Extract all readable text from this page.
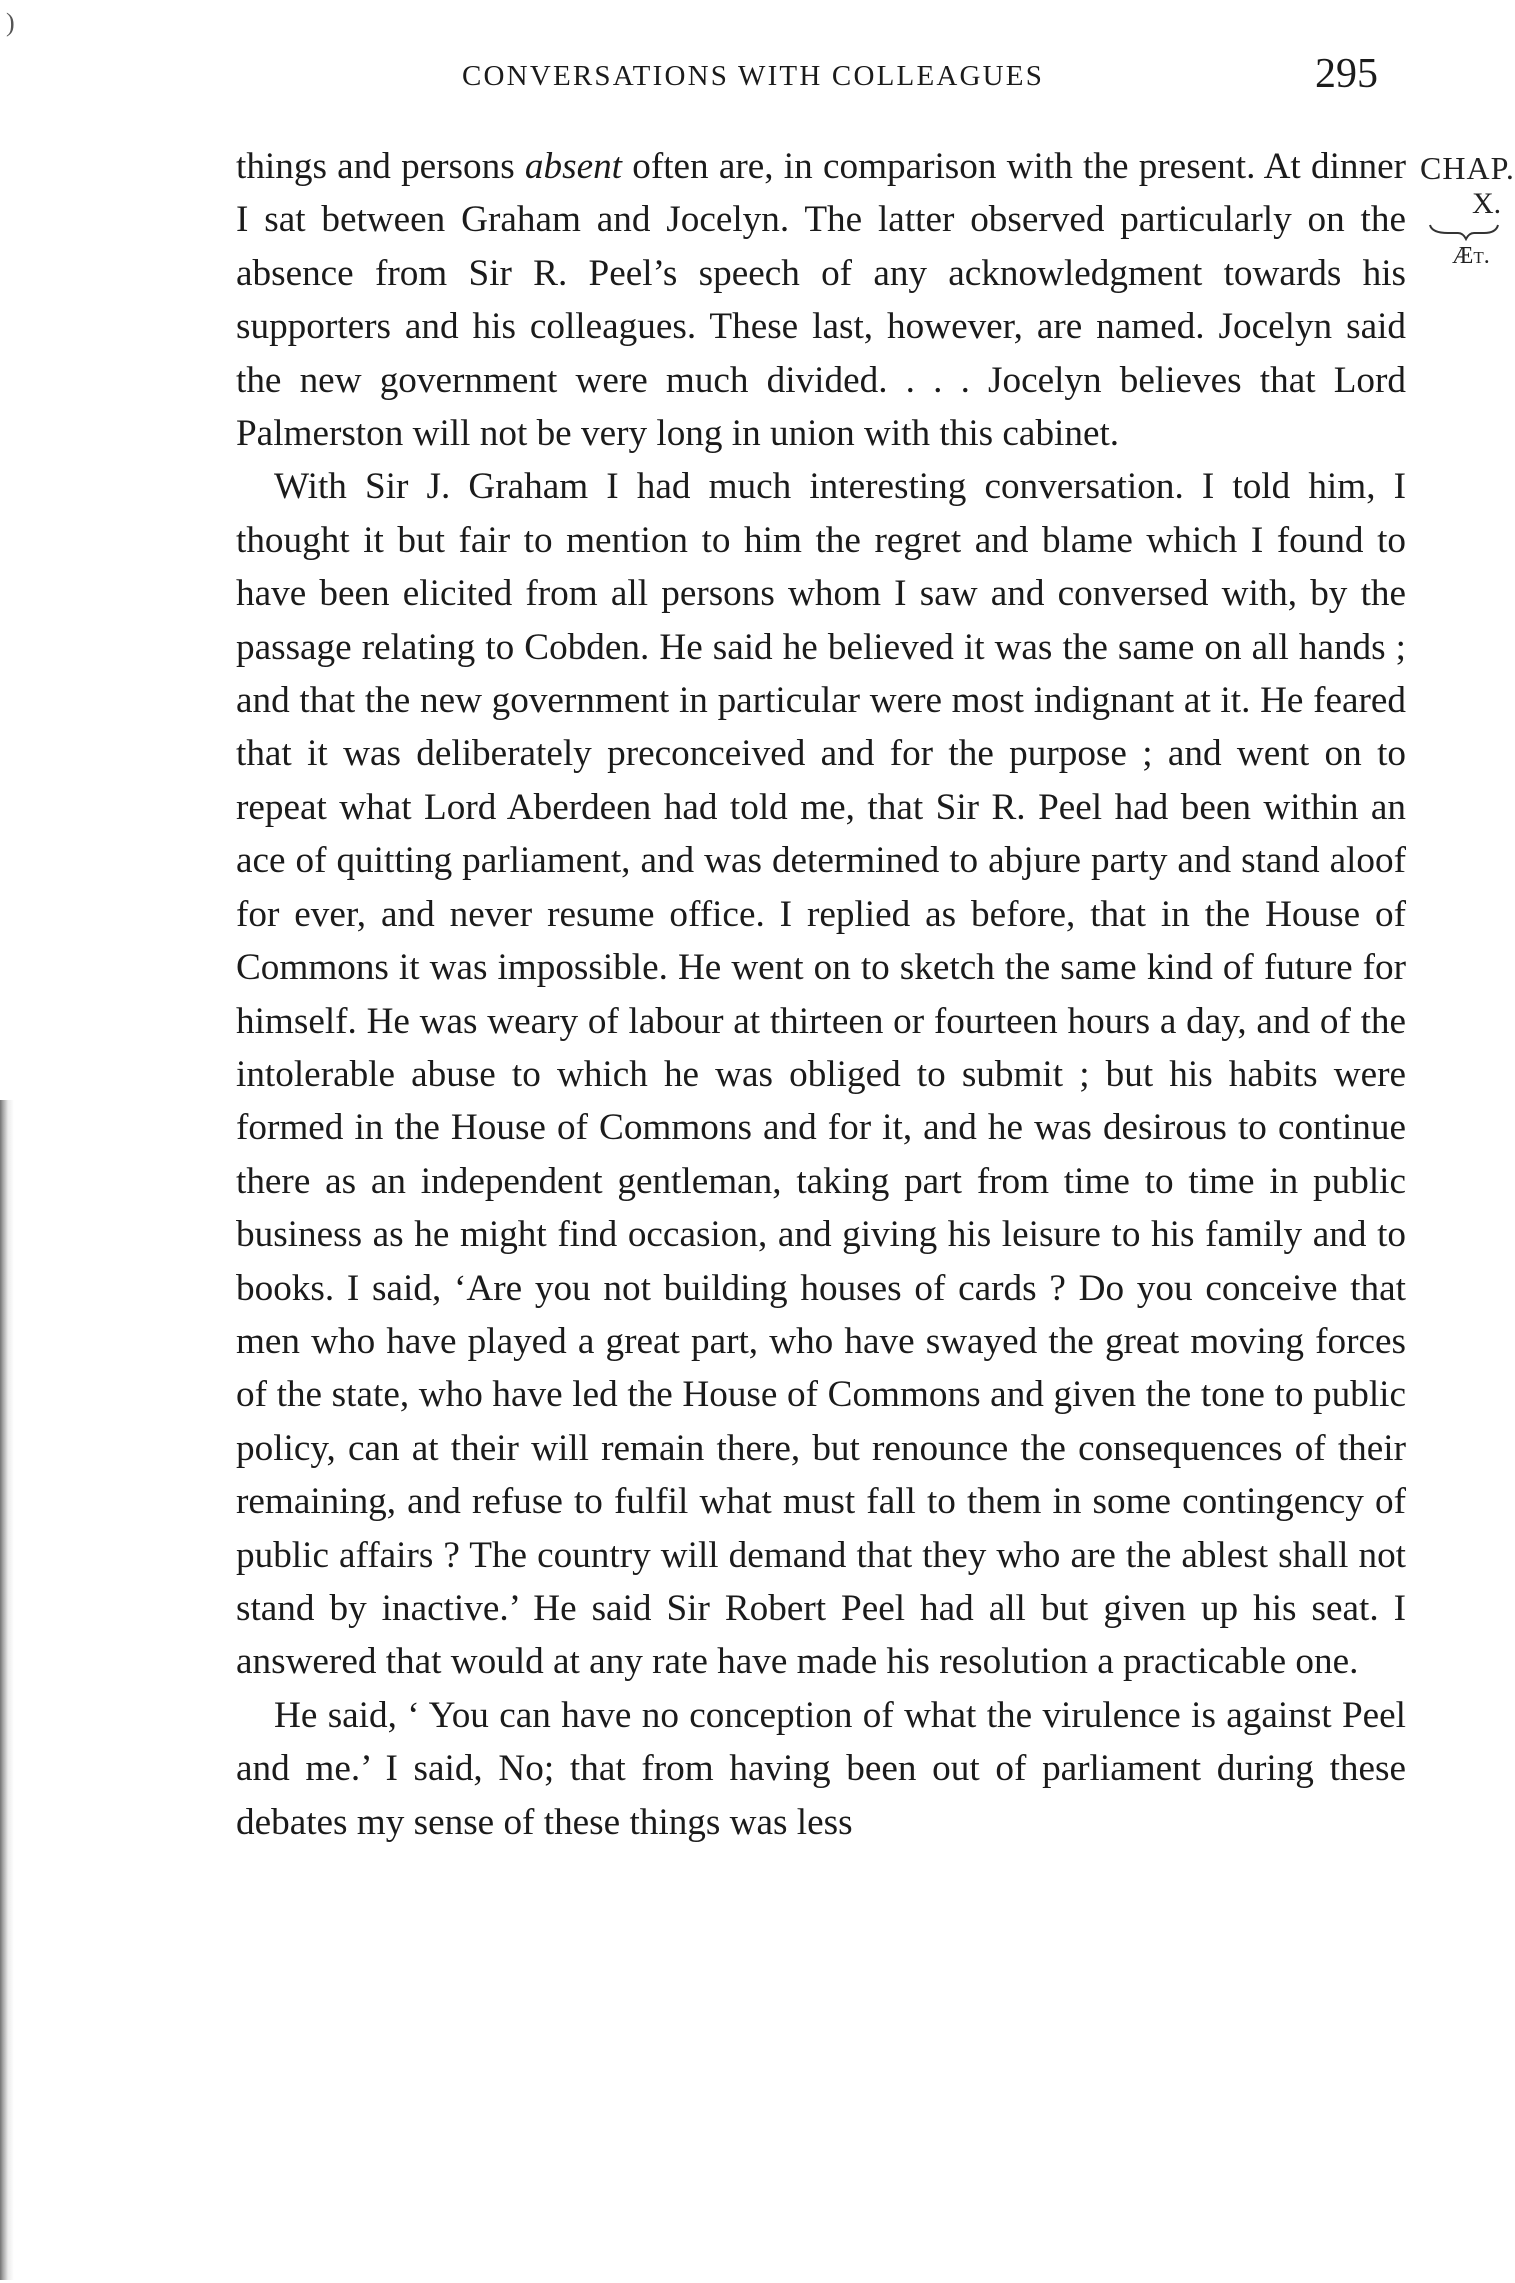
)
CONVERSATIONS WITH COLLEAGUES	295
CHAP.
X.
Æt.

things and persons absent often are, in comparison with the present. At dinner I sat between Graham and Jocelyn. The latter observed particularly on the absence from Sir R. Peel’s speech of any acknowledgment towards his supporters and his colleagues. These last, however, are named. Jocelyn said the new government were much divided. . . . Jocelyn believes that Lord Palmerston will not be very long in union with this cabinet.

With Sir J. Graham I had much interesting conversation. I told him, I thought it but fair to mention to him the regret and blame which I found to have been elicited from all persons whom I saw and conversed with, by the passage relating to Cobden. He said he believed it was the same on all hands ; and that the new government in particular were most indignant at it. He feared that it was deliberately preconceived and for the purpose ; and went on to repeat what Lord Aberdeen had told me, that Sir R. Peel had been within an ace of quitting parliament, and was determined to abjure party and stand aloof for ever, and never resume office. I replied as before, that in the House of Commons it was impossible. He went on to sketch the same kind of future for himself. He was weary of labour at thirteen or fourteen hours a day, and of the intolerable abuse to which he was obliged to submit ; but his habits were formed in the House of Commons and for it, and he was desirous to continue there as an independent gentleman, taking part from time to time in public business as he might find occasion, and giving his leisure to his family and to books. I said, ‘Are you not building houses of cards ? Do you conceive that men who have played a great part, who have swayed the great moving forces of the state, who have led the House of Commons and given the tone to public policy, can at their will remain there, but renounce the consequences of their remaining, and refuse to fulfil what must fall to them in some contingency of public affairs ? The country will demand that they who are the ablest shall not stand by inactive.’ He said Sir Robert Peel had all but given up his seat. I answered that would at any rate have made his resolution a practicable one.

He said, ‘ You can have no conception of what the virulence is against Peel and me.’ I said, No; that from having been out of parliament during these debates my sense of these things was less
